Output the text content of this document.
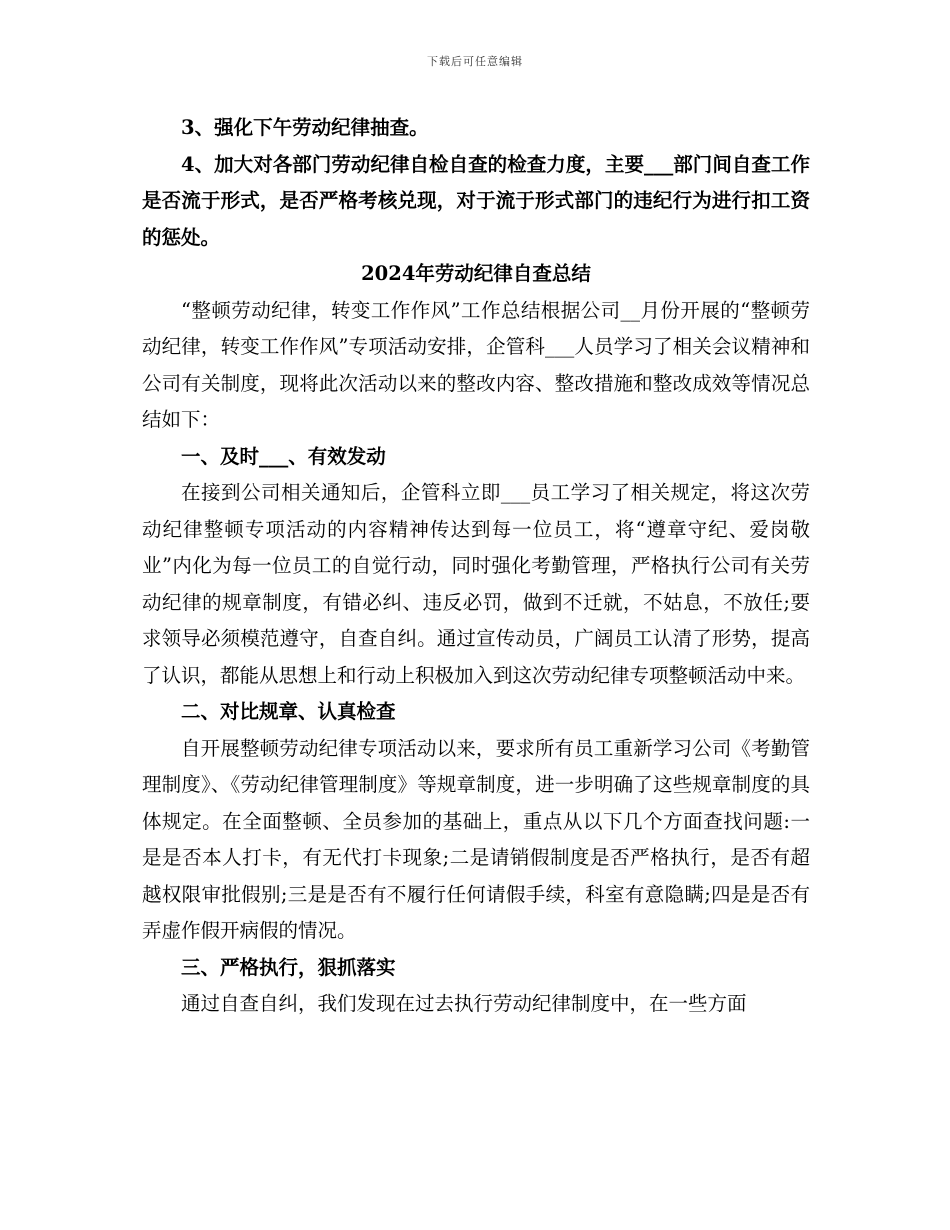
下载后可任意编辑

3、强化下午劳动纪律抽查。

4、加大对各部门劳动纪律自检自查的检查力度，主要___部门间自查工作是否流于形式，是否严格考核兑现，对于流于形式部门的违纪行为进行扣工资的惩处。

2024年劳动纪律自查总结

“整顿劳动纪律，转变工作作风”工作总结根据公司__月份开展的“整顿劳动纪律，转变工作作风”专项活动安排，企管科___人员学习了相关会议精神和公司有关制度，现将此次活动以来的整改内容、整改措施和整改成效等情况总结如下：

一、及时___、有效发动

在接到公司相关通知后，企管科立即___员工学习了相关规定，将这次劳动纪律整顿专项活动的内容精神传达到每一位员工，将“遵章守纪、爱岗敬业”内化为每一位员工的自觉行动，同时强化考勤管理，严格执行公司有关劳动纪律的规章制度，有错必纠、违反必罚，做到不迁就，不姑息，不放任;要求领导必须模范遵守，自查自纠。通过宣传动员，广阔员工认清了形势，提高了认识，都能从思想上和行动上积极加入到这次劳动纪律专项整顿活动中来。

二、对比规章、认真检查

自开展整顿劳动纪律专项活动以来，要求所有员工重新学习公司《考勤管理制度》、《劳动纪律管理制度》等规章制度，进一步明确了这些规章制度的具体规定。在全面整顿、全员参加的基础上，重点从以下几个方面查找问题:一是是否本人打卡，有无代打卡现象;二是请销假制度是否严格执行，是否有超越权限审批假别;三是是否有不履行任何请假手续，科室有意隐瞒;四是是否有弄虚作假开病假的情况。

三、严格执行，狠抓落实

通过自查自纠，我们发现在过去执行劳动纪律制度中，在一些方面
